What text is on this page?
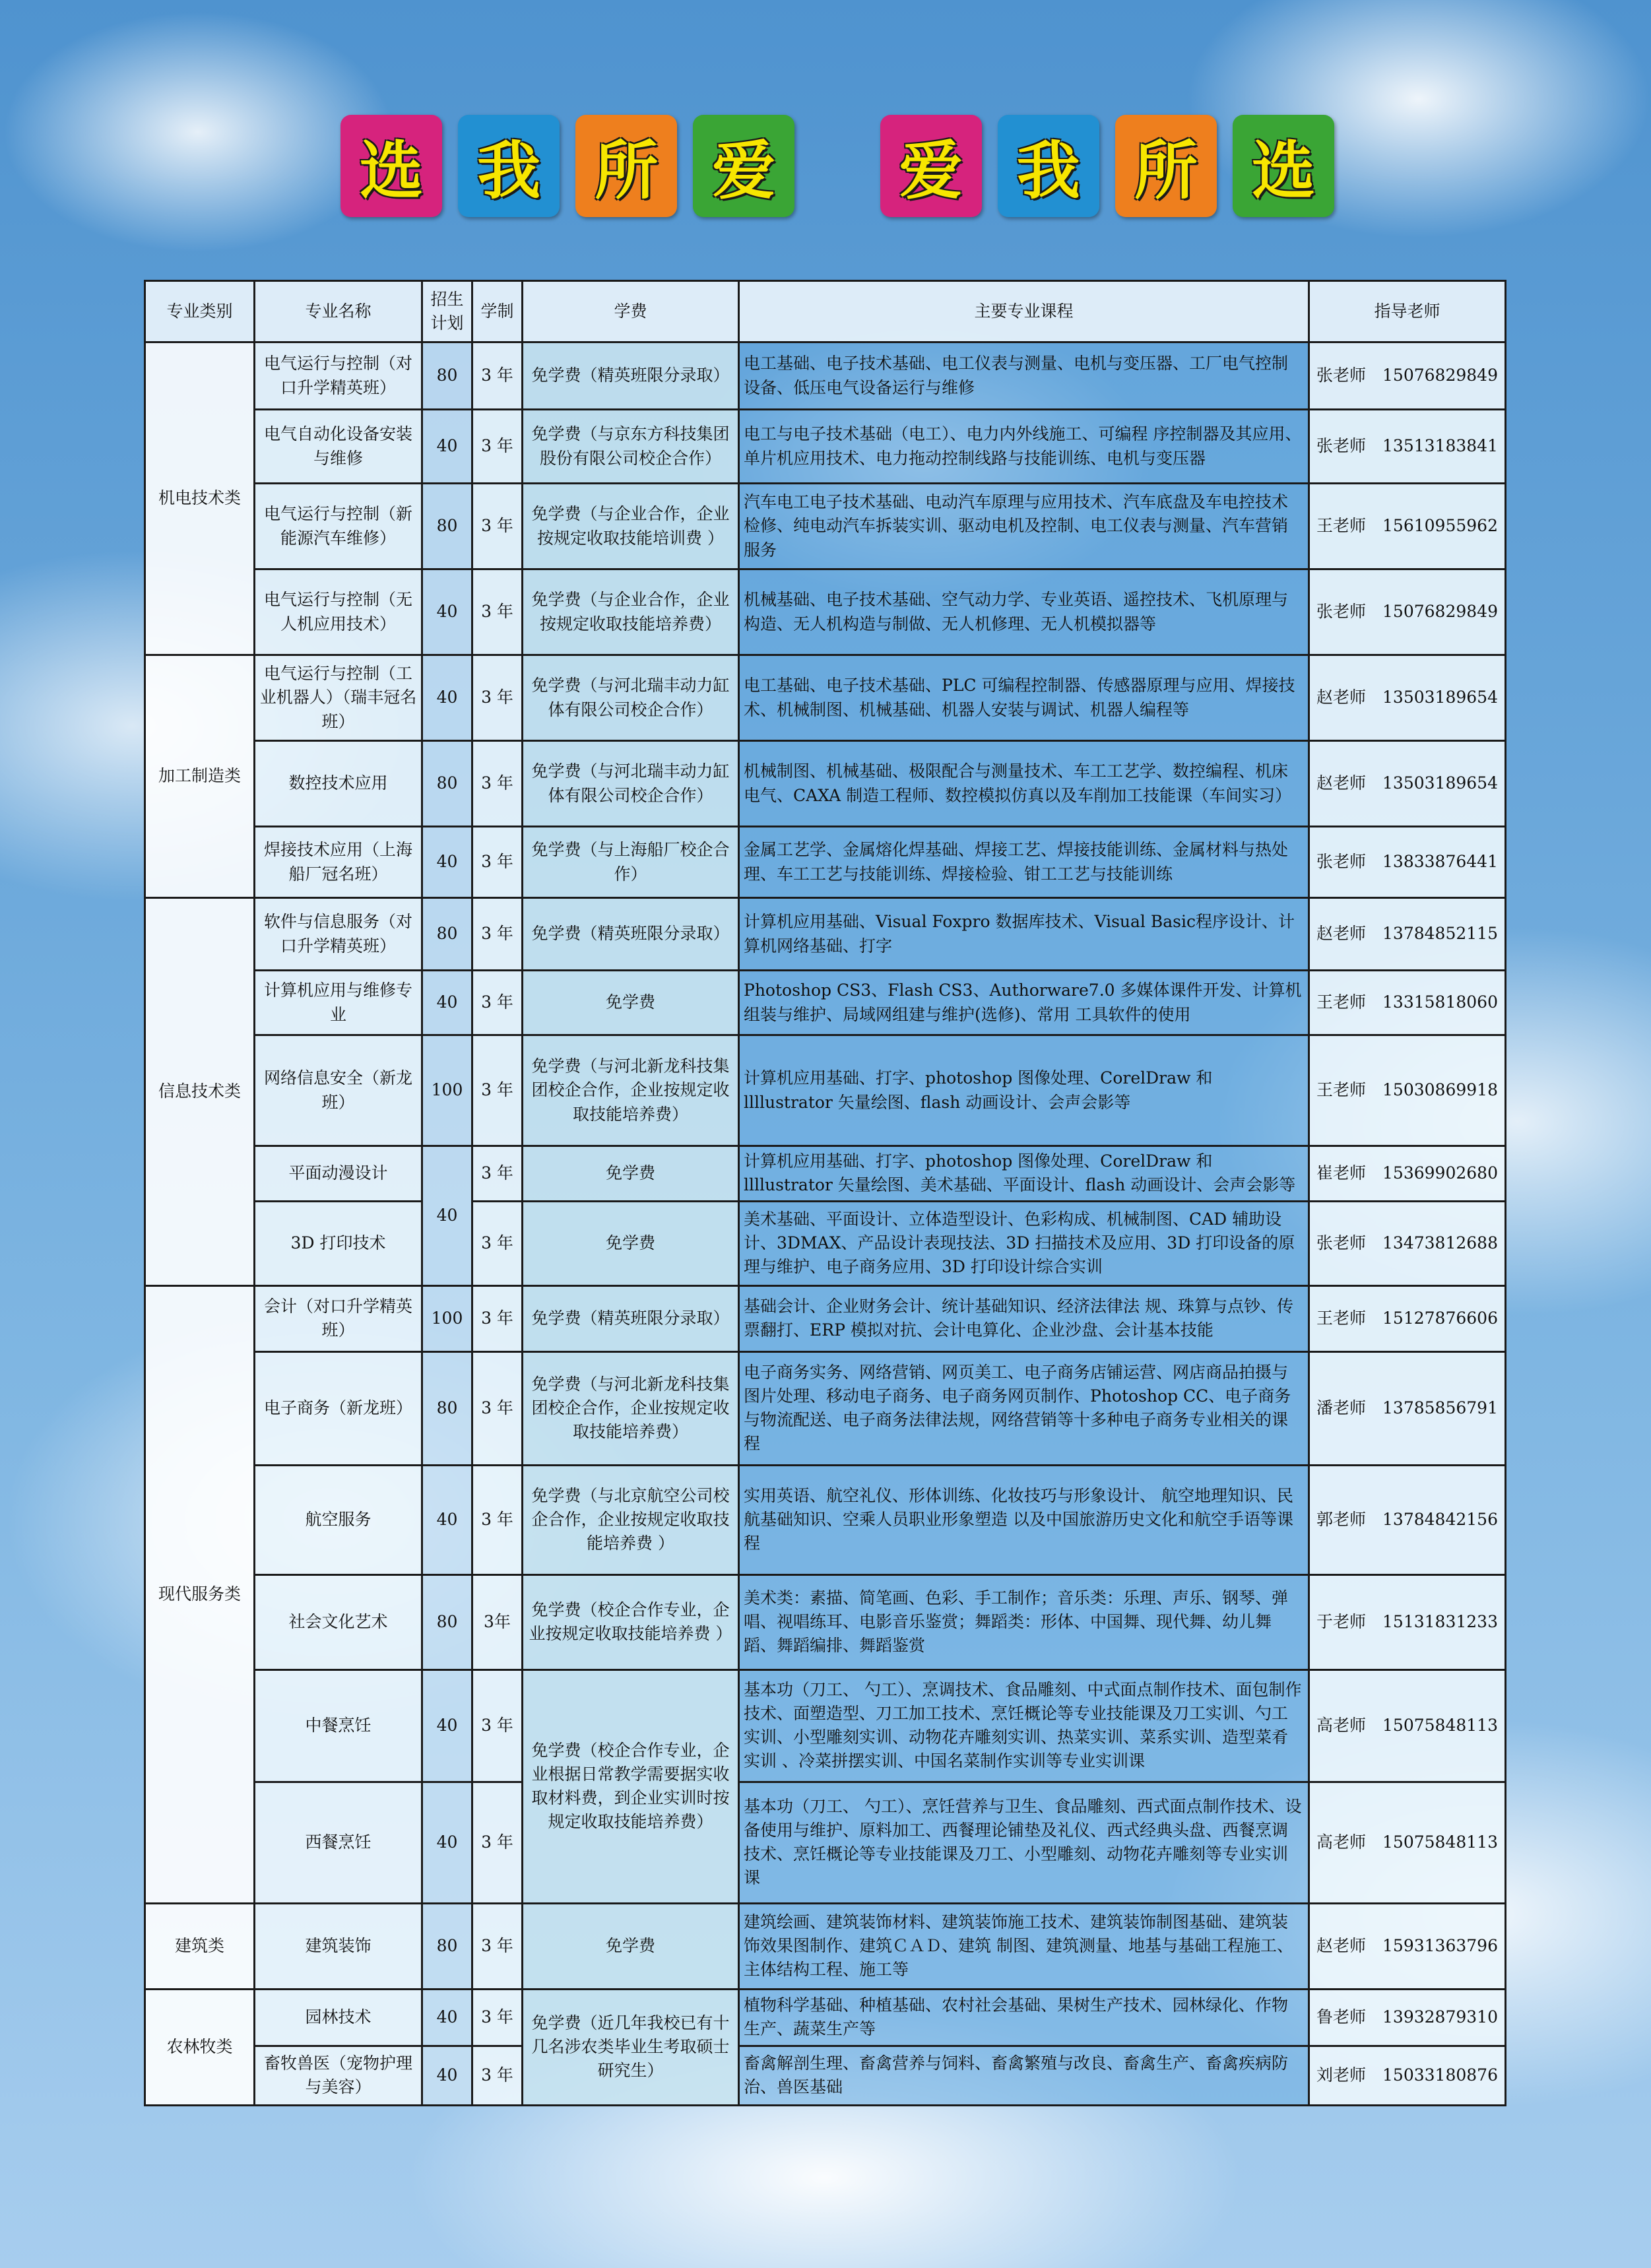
选 我 所 爱	爱 我 所 选
专业类别	专业名称	招生计划	学制	学费	主要专业课程	指导老师
机电技术类	电气运行与控制（对口升学精英班）	80	3 年	免学费（精英班限分录取）	电工基础、电子技术基础、电工仪表与测量、电机与变压器、工厂电气控制设备、低压电气设备运行与维修	张老师　15076829849
	电气自动化设备安装与维修	40	3 年	免学费（与京东方科技集团股份有限公司校企合作）	电工与电子技术基础（电工）、电力内外线施工、可编程 序控制器及其应用、单片机应用技术、电力拖动控制线路与技能训练、电机与变压器	张老师　13513183841
	电气运行与控制（新能源汽车维修）	80	3 年	免学费（与企业合作，企业按规定收取技能培训费 ）	汽车电工电子技术基础、电动汽车原理与应用技术、汽车底盘及车电控技术检修、纯电动汽车拆装实训、驱动电机及控制、电工仪表与测量、汽车营销服务	王老师　15610955962
	电气运行与控制（无人机应用技术）	40	3 年	免学费（与企业合作，企业按规定收取技能培养费）	机械基础、电子技术基础、空气动力学、专业英语、遥控技术、飞机原理与构造、无人机构造与制做、无人机修理、无人机模拟器等	张老师　15076829849
加工制造类	电气运行与控制（工业机器人）（瑞丰冠名班）	40	3 年	免学费（与河北瑞丰动力缸体有限公司校企合作）	电工基础、电子技术基础、PLC 可编程控制器、传感器原理与应用、焊接技术、机械制图、机械基础、机器人安装与调试、机器人编程等	赵老师　13503189654
	数控技术应用	80	3 年	免学费（与河北瑞丰动力缸体有限公司校企合作）	机械制图、机械基础、极限配合与测量技术、车工工艺学、数控编程、机床电气、CAXA 制造工程师、数控模拟仿真以及车削加工技能课（车间实习）	赵老师　13503189654
	焊接技术应用（上海船厂冠名班）	40	3 年	免学费（与上海船厂校企合作）	金属工艺学、金属熔化焊基础、焊接工艺、焊接技能训练、金属材料与热处理、车工工艺与技能训练、焊接检验、钳工工艺与技能训练	张老师　13833876441
信息技术类	软件与信息服务（对口升学精英班）	80	3 年	免学费（精英班限分录取）	计算机应用基础、Visual Foxpro 数据库技术、Visual Basic程序设计、计算机网络基础、打字	赵老师　13784852115
	计算机应用与维修专业	40	3 年	免学费	Photoshop CS3、Flash CS3、Authorware7.0 多媒体课件开发、计算机组装与维护、局域网组建与维护(选修)、常用 工具软件的使用	王老师　13315818060
	网络信息安全（新龙班）	100	3 年	免学费（与河北新龙科技集团校企合作，企业按规定收取技能培养费）	计算机应用基础、打字、photoshop 图像处理、CorelDraw 和 llllustrator 矢量绘图、flash 动画设计、会声会影等	王老师　15030869918
	平面动漫设计	40	3 年	免学费	计算机应用基础、打字、photoshop 图像处理、CorelDraw 和 llllustrator 矢量绘图、美术基础、平面设计、flash 动画设计、会声会影等	崔老师　15369902680
	3D 打印技术		3 年	免学费	美术基础、平面设计、立体造型设计、色彩构成、机械制图、CAD 辅助设计、3DMAX、产品设计表现技法、3D 扫描技术及应用、3D 打印设备的原理与维护、电子商务应用、3D 打印设计综合实训	张老师　13473812688
现代服务类	会计（对口升学精英班）	100	3 年	免学费（精英班限分录取）	基础会计、企业财务会计、统计基础知识、经济法律法 规、珠算与点钞、传票翻打、ERP 模拟对抗、会计电算化、企业沙盘、会计基本技能	王老师　15127876606
	电子商务（新龙班）	80	3 年	免学费（与河北新龙科技集团校企合作，企业按规定收取技能培养费）	电子商务实务、网络营销、网页美工、电子商务店铺运营、网店商品拍摄与图片处理、移动电子商务、电子商务网页制作、Photoshop CC、电子商务与物流配送、电子商务法律法规，网络营销等十多种电子商务专业相关的课程	潘老师　13785856791
	航空服务	40	3 年	免学费（与北京航空公司校企合作，企业按规定收取技能培养费 ）	实用英语、航空礼仪、形体训练、化妆技巧与形象设计、 航空地理知识、民航基础知识、空乘人员职业形象塑造 以及中国旅游历史文化和航空手语等课程	郭老师　13784842156
	社会文化艺术	80	3年	免学费（校企合作专业，企业按规定收取技能培养费 ）	美术类：素描、简笔画、色彩、手工制作；音乐类：乐理、声乐、钢琴、弹唱、视唱练耳、电影音乐鉴赏；舞蹈类：形体、中国舞、现代舞、幼儿舞蹈、舞蹈编排、舞蹈鉴赏	于老师　15131831233
	中餐烹饪	40	3 年	免学费（校企合作专业，企业根据日常教学需要据实收取材料费，到企业实训时按规定收取技能培养费）	基本功（刀工、 勺工）、烹调技术、食品雕刻、中式面点制作技术、面包制作技术、面塑造型、刀工加工技术、烹饪概论等专业技能课及刀工实训、勺工实训、小型雕刻实训、动物花卉雕刻实训、热菜实训、菜系实训、造型菜肴实训 、冷菜拼摆实训、中国名菜制作实训等专业实训课	高老师　15075848113
	西餐烹饪	40	3 年		基本功（刀工、 勺工）、烹饪营养与卫生、食品雕刻、西式面点制作技术、设备使用与维护、原料加工、西餐理论铺垫及礼仪、西式经典头盘、西餐烹调技术、烹饪概论等专业技能课及刀工、小型雕刻、动物花卉雕刻等专业实训课	高老师　15075848113
建筑类	建筑装饰	80	3 年	免学费	建筑绘画、建筑装饰材料、建筑装饰施工技术、建筑装饰制图基础、建筑装饰效果图制作、建筑ＣＡＤ、建筑 制图、建筑测量、地基与基础工程施工、主体结构工程、施工等	赵老师　15931363796
农林牧类	园林技术	40	3 年	免学费（近几年我校已有十几名涉农类毕业生考取硕士研究生）	植物科学基础、种植基础、农村社会基础、果树生产技术、园林绿化、作物生产、蔬菜生产等	鲁老师　13932879310
	畜牧兽医（宠物护理与美容）	40	3 年		畜禽解剖生理、畜禽营养与饲料、畜禽繁殖与改良、畜禽生产、畜禽疾病防治、兽医基础	刘老师　15033180876
